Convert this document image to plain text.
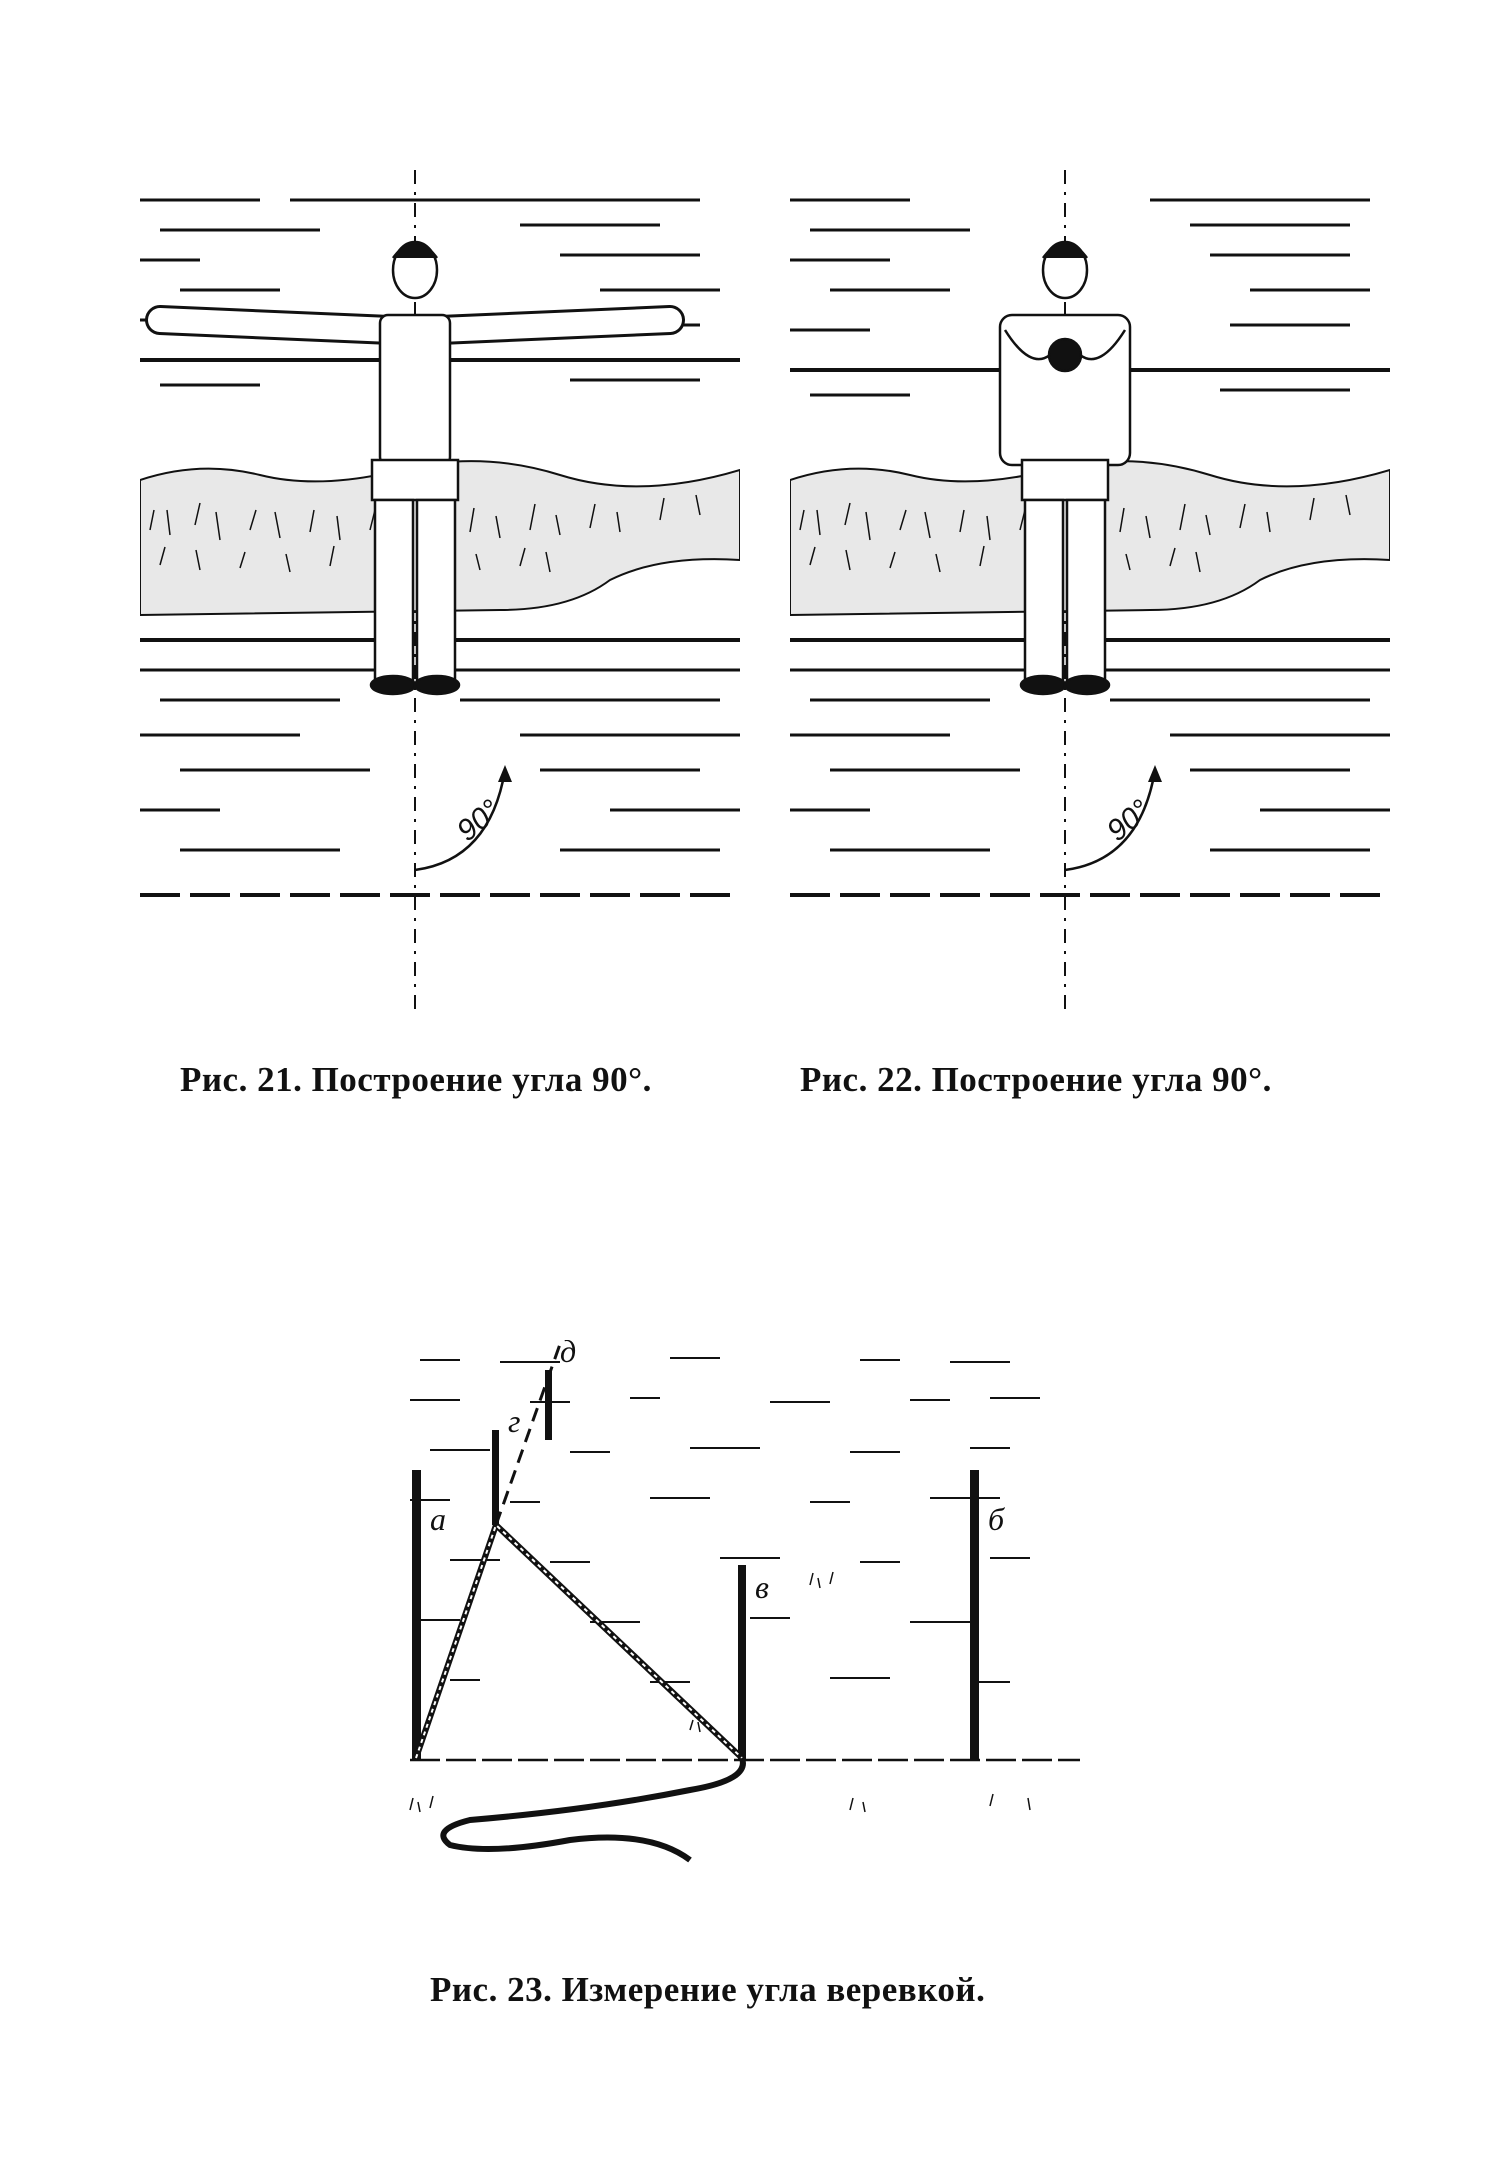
90°	90°
Рис. 21. Построение угла 90°.	Рис. 22. Построение угла 90°.
а	б
в
г
д
Рис. 23. Измерение угла веревкой.
